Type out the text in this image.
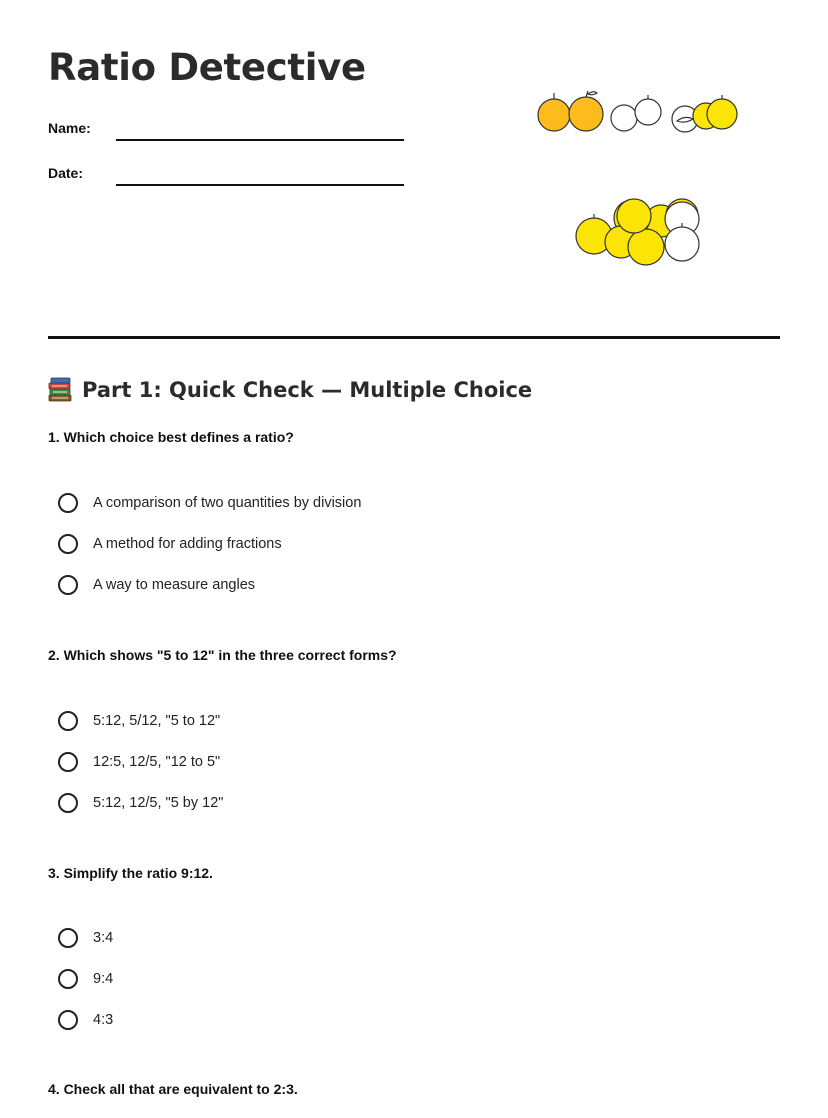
Ratio Detective
Name:
Date:
Part 1: Quick Check — Multiple Choice
1. Which choice best defines a ratio?
A comparison of two quantities by division
A method for adding fractions
A way to measure angles
2. Which shows "5 to 12" in the three correct forms?
5:12, 5/12, "5 to 12"
12:5, 12/5, "12 to 5"
5:12, 12/5, "5 by 12"
3. Simplify the ratio 9:12.
3:4
9:4
4:3
4. Check all that are equivalent to 2:3.
